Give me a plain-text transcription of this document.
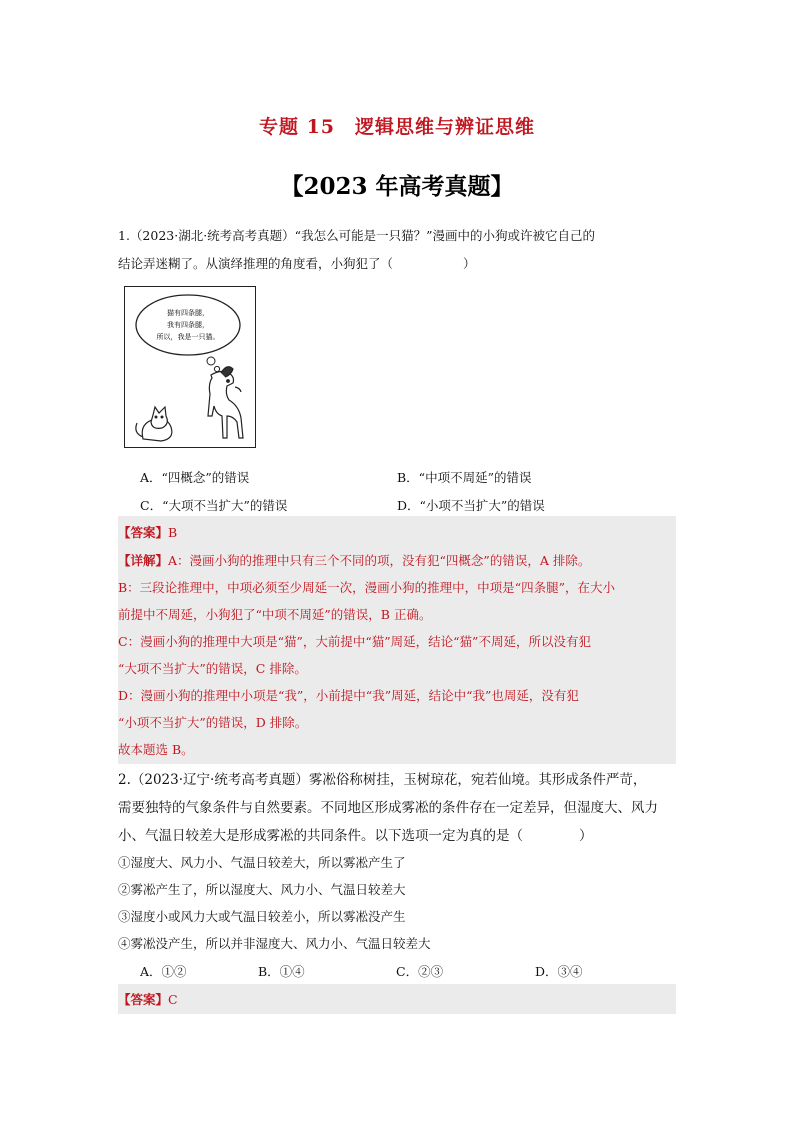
专题 15　逻辑思维与辨证思维
【2023 年高考真题】
1.（2023·湖北·统考高考真题）“我怎么可能是一只猫？”漫画中的小狗或许被它自己的
结论弄迷糊了。从演绎推理的角度看，小狗犯了（	）
猫有四条腿，
我有四条腿，
所以，我是一只猫。
A．“四概念”的错误	B．“中项不周延”的错误
C．“大项不当扩大”的错误	D．“小项不当扩大”的错误
【答案】B
【详解】A：漫画小狗的推理中只有三个不同的项，没有犯“四概念”的错误，A 排除。
B：三段论推理中，中项必须至少周延一次，漫画小狗的推理中，中项是“四条腿”，在大小
前提中不周延，小狗犯了“中项不周延”的错误，B 正确。
C：漫画小狗的推理中大项是“猫”，大前提中“猫”周延，结论“猫”不周延，所以没有犯
“大项不当扩大”的错误，C 排除。
D：漫画小狗的推理中小项是“我”，小前提中“我”周延，结论中“我”也周延，没有犯
“小项不当扩大”的错误，D 排除。
故本题选 B。
2.（2023·辽宁·统考高考真题）雾凇俗称树挂，玉树琼花，宛若仙境。其形成条件严苛，
需要独特的气象条件与自然要素。不同地区形成雾凇的条件存在一定差异，但湿度大、风力
小、气温日较差大是形成雾凇的共同条件。以下选项一定为真的是（	）
①湿度大、风力小、气温日较差大，所以雾凇产生了
②雾凇产生了，所以湿度大、风力小、气温日较差大
③湿度小或风力大或气温日较差小，所以雾凇没产生
④雾凇没产生，所以并非湿度大、风力小、气温日较差大
A．①②	B．①④	C．②③	D．③④
【答案】C
